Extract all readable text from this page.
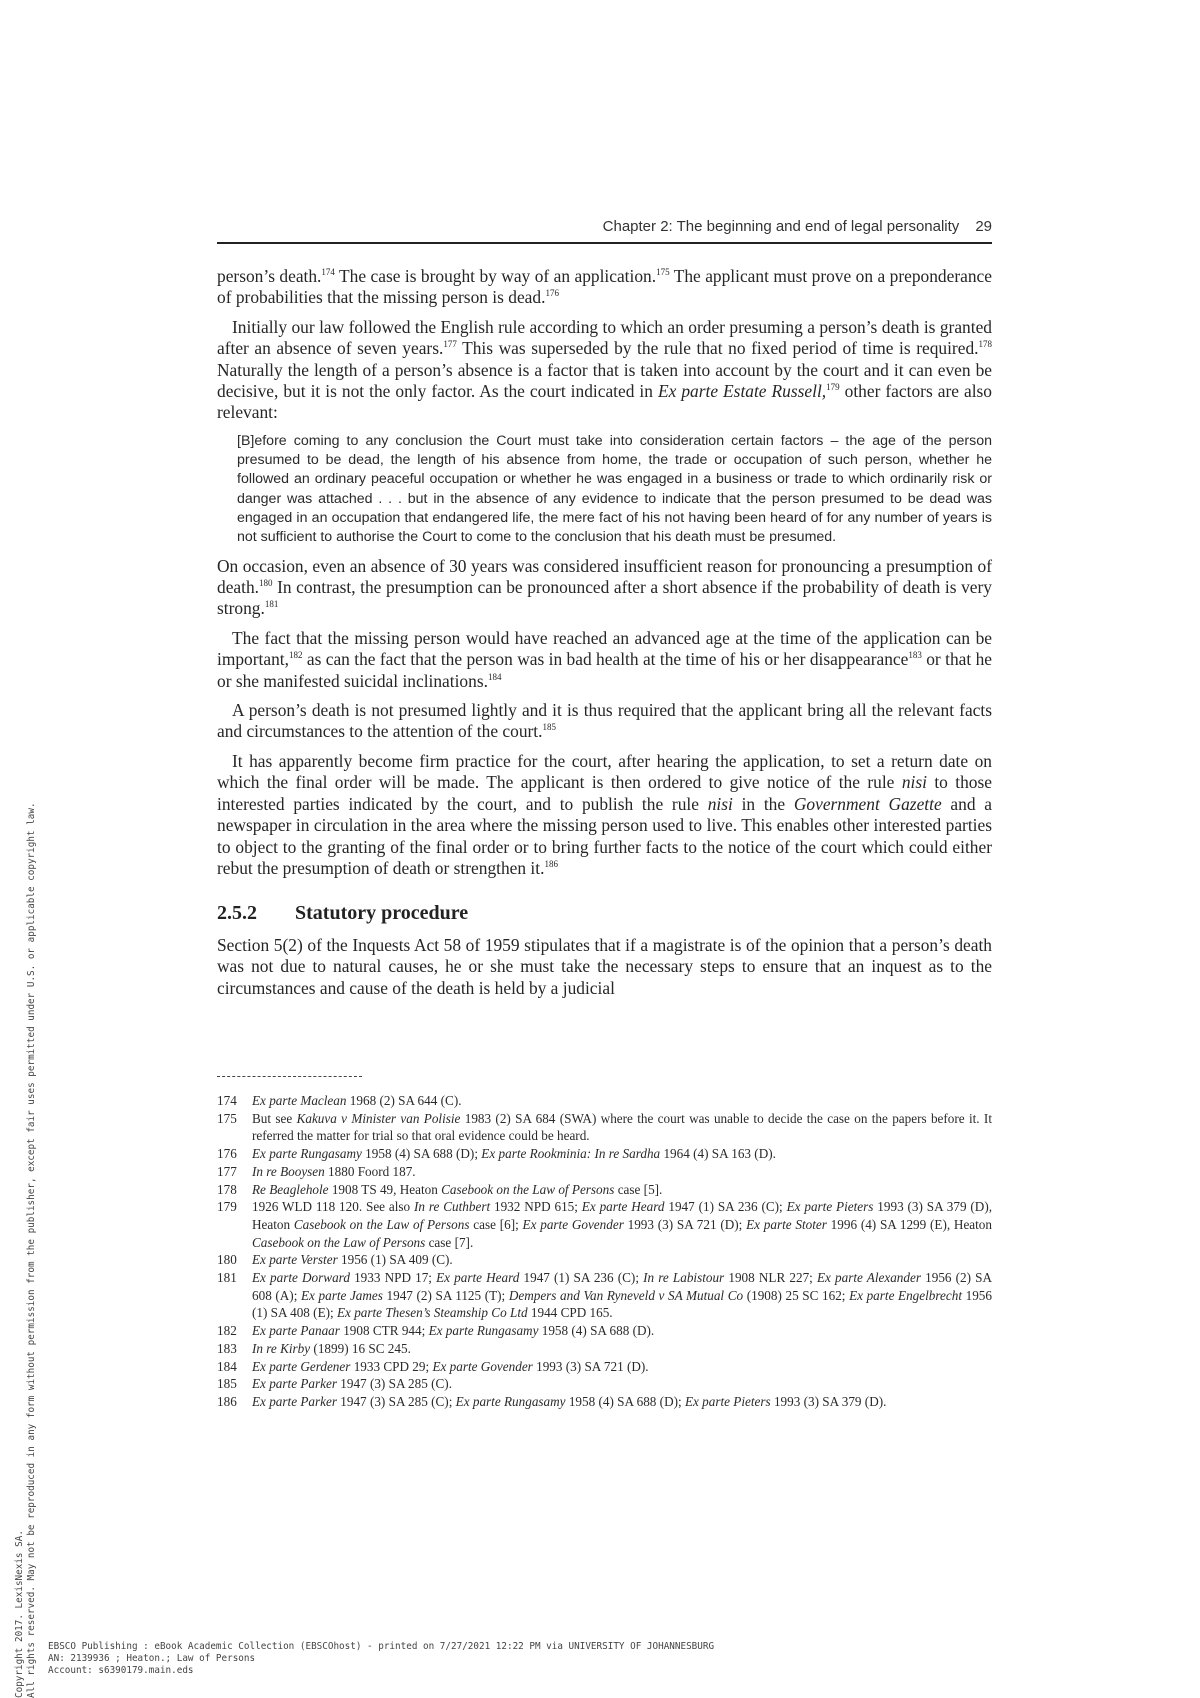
Chapter 2: The beginning and end of legal personality 29

person’s death.$^{174}$ The case is brought by way of an application.$^{175}$ The applicant must prove on a preponderance of probabilities that the missing person is dead.$^{176}$

Initially our law followed the English rule according to which an order presuming a person’s death is granted after an absence of seven years.$^{177}$ This was superseded by the rule that no fixed period of time is required.$^{178}$ Naturally the length of a person’s absence is a factor that is taken into account by the court and it can even be decisive, but it is not the only factor. As the court indicated in Ex parte Estate Russell,$^{179}$ other factors are also relevant:

[B]efore coming to any conclusion the Court must take into consideration certain factors – the age of the person presumed to be dead, the length of his absence from home, the trade or occupation of such person, whether he followed an ordinary peaceful occupation or whether he was engaged in a business or trade to which ordinarily risk or danger was attached . . . but in the absence of any evidence to indicate that the person presumed to be dead was engaged in an occupation that endangered life, the mere fact of his not having been heard of for any number of years is not sufficient to authorise the Court to come to the conclusion that his death must be presumed.

On occasion, even an absence of 30 years was considered insufficient reason for pronouncing a presumption of death.$^{180}$ In contrast, the presumption can be pronounced after a short absence if the probability of death is very strong.$^{181}$

The fact that the missing person would have reached an advanced age at the time of the application can be important,$^{182}$ as can the fact that the person was in bad health at the time of his or her disappearance$^{183}$ or that he or she manifested suicidal inclinations.$^{184}$

A person’s death is not presumed lightly and it is thus required that the applicant bring all the relevant facts and circumstances to the attention of the court.$^{185}$

It has apparently become firm practice for the court, after hearing the application, to set a return date on which the final order will be made. The applicant is then ordered to give notice of the rule nisi to those interested parties indicated by the court, and to publish the rule nisi in the Government Gazette and a newspaper in circulation in the area where the missing person used to live. This enables other interested parties to object to the granting of the final order or to bring further facts to the notice of the court which could either rebut the presumption of death or strengthen it.$^{186}$

2.5.2 Statutory procedure

Section 5(2) of the Inquests Act 58 of 1959 stipulates that if a magistrate is of the opinion that a person’s death was not due to natural causes, he or she must take the necessary steps to ensure that an inquest as to the circumstances and cause of the death is held by a judicial

174 Ex parte Maclean 1968 (2) SA 644 (C).
175 But see Kakuva v Minister van Polisie 1983 (2) SA 684 (SWA) where the court was unable to decide the case on the papers before it. It referred the matter for trial so that oral evidence could be heard.
176 Ex parte Rungasamy 1958 (4) SA 688 (D); Ex parte Rookminia: In re Sardha 1964 (4) SA 163 (D).
177 In re Booysen 1880 Foord 187.
178 Re Beaglehole 1908 TS 49, Heaton Casebook on the Law of Persons case [5].
179 1926 WLD 118 120. See also In re Cuthbert 1932 NPD 615; Ex parte Heard 1947 (1) SA 236 (C); Ex parte Pieters 1993 (3) SA 379 (D), Heaton Casebook on the Law of Persons case [6]; Ex parte Govender 1993 (3) SA 721 (D); Ex parte Stoter 1996 (4) SA 1299 (E), Heaton Casebook on the Law of Persons case [7].
180 Ex parte Verster 1956 (1) SA 409 (C).
181 Ex parte Dorward 1933 NPD 17; Ex parte Heard 1947 (1) SA 236 (C); In re Labistour 1908 NLR 227; Ex parte Alexander 1956 (2) SA 608 (A); Ex parte James 1947 (2) SA 1125 (T); Dempers and Van Ryneveld v SA Mutual Co (1908) 25 SC 162; Ex parte Engelbrecht 1956 (1) SA 408 (E); Ex parte Thesen’s Steamship Co Ltd 1944 CPD 165.
182 Ex parte Panaar 1908 CTR 944; Ex parte Rungasamy 1958 (4) SA 688 (D).
183 In re Kirby (1899) 16 SC 245.
184 Ex parte Gerdener 1933 CPD 29; Ex parte Govender 1993 (3) SA 721 (D).
185 Ex parte Parker 1947 (3) SA 285 (C).
186 Ex parte Parker 1947 (3) SA 285 (C); Ex parte Rungasamy 1958 (4) SA 688 (D); Ex parte Pieters 1993 (3) SA 379 (D).
Copyright 2017. LexisNexis SA. All rights reserved. May not be reproduced in any form without permission from the publisher, except fair uses permitted under U.S. or applicable copyright law. EBSCO Publishing : eBook Academic Collection (EBSCOhost) - printed on 7/27/2021 12:22 PM via UNIVERSITY OF JOHANNESBURG
AN: 2139936 ; Heaton.; Law of Persons
Account: s6390179.main.eds
